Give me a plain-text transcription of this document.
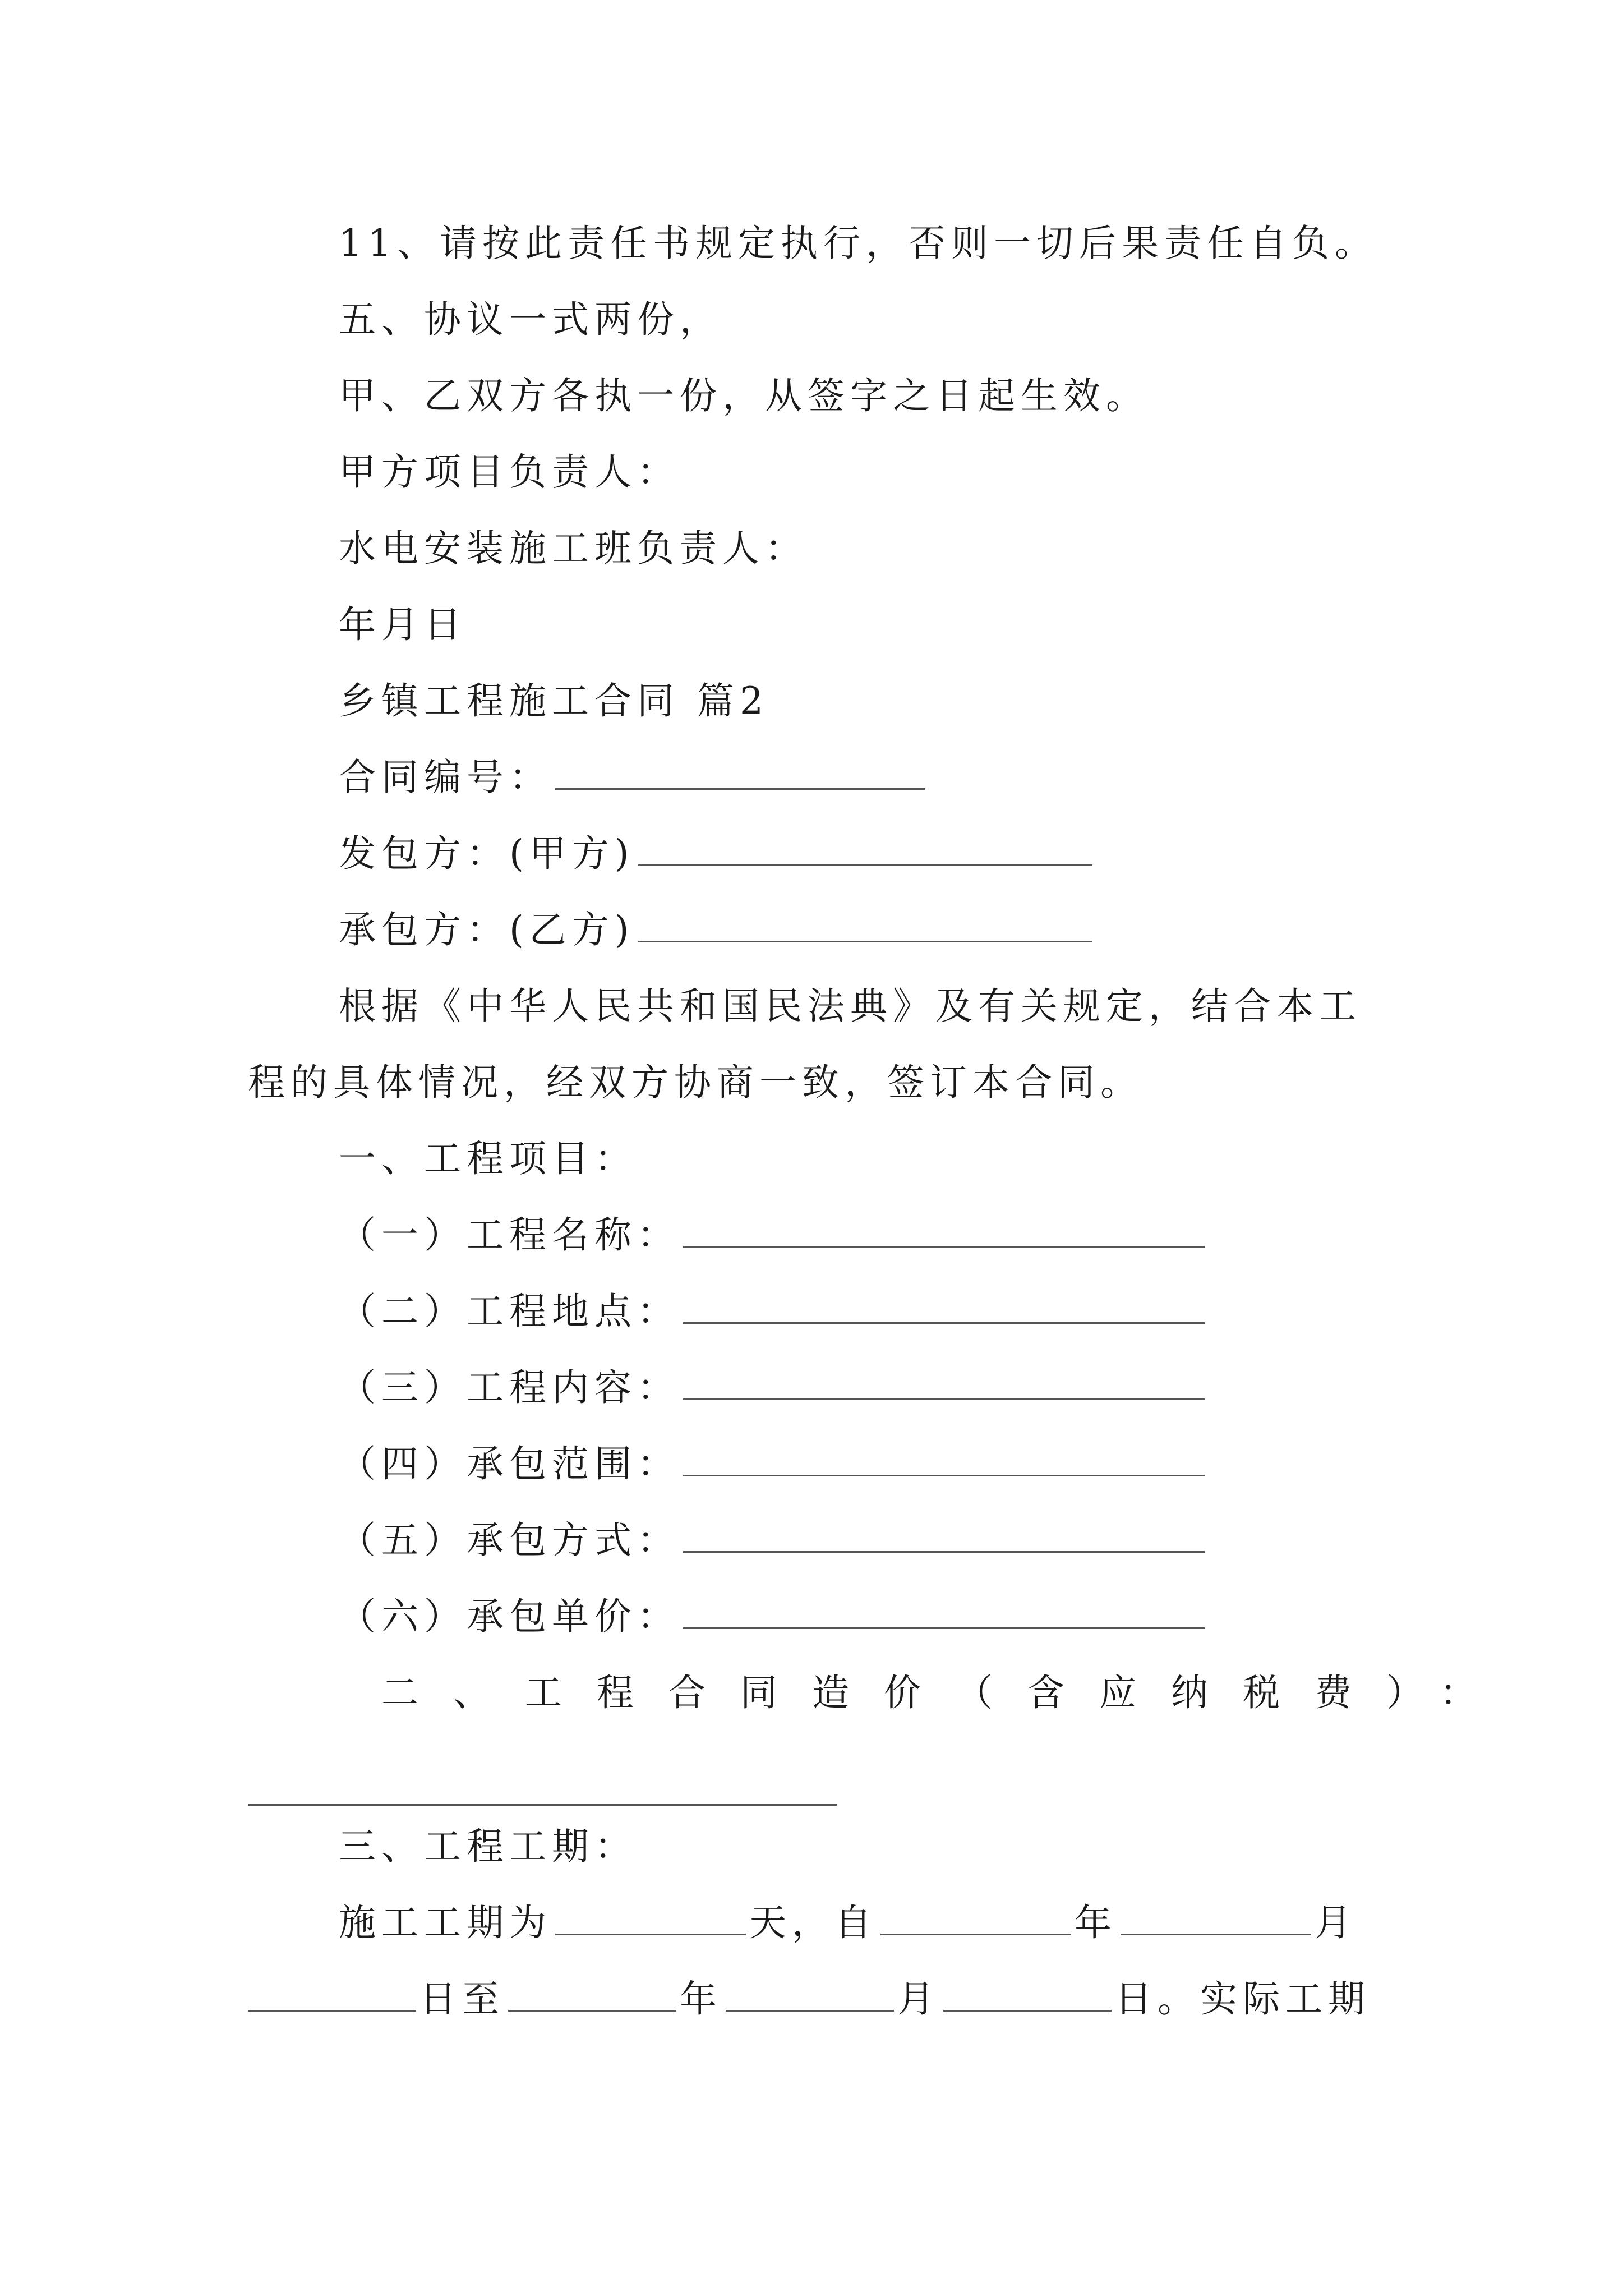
11、请按此责任书规定执行，否则一切后果责任自负。
五、协议一式两份，
甲、乙双方各执一份，从签字之日起生效。
甲方项目负责人：
水电安装施工班负责人：
年月日
乡镇工程施工合同 篇2
合同编号：
发包方：(甲方)
承包方：(乙方)
根据《中华人民共和国民法典》及有关规定，结合本工
程的具体情况，经双方协商一致，签订本合同。
一、工程项目：
（一）工程名称：
（二）工程地点：
（三）工程内容：
（四）承包范围：
（五）承包方式：
（六）承包单价：
二、工程合同造价（含应纳税费）：
三、工程工期：
施工工期为	天，自	年	月
日至	年	月	日。实际工期
